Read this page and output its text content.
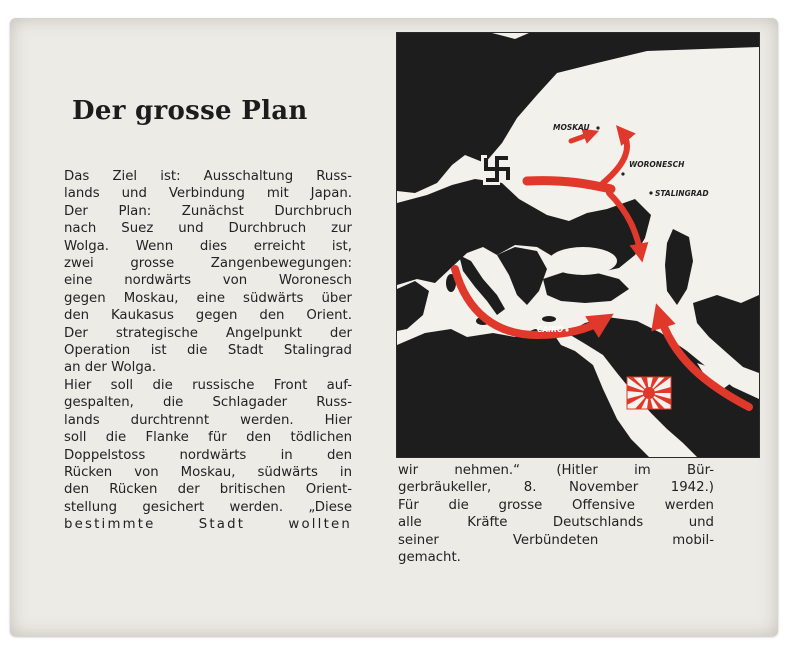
Der grosse Plan
Das Ziel ist: Ausschaltung Russ-
lands und Verbindung mit Japan.
Der Plan: Zunächst Durchbruch
nach Suez und Durchbruch zur
Wolga. Wenn dies erreicht ist,
zwei grosse Zangenbewegungen:
eine nordwärts von Woronesch
gegen Moskau, eine südwärts über
den Kaukasus gegen den Orient.
Der strategische Angelpunkt der
Operation ist die Stadt Stalingrad
an der Wolga.
Hier soll die russische Front auf-
gespalten, die Schlagader Russ-
lands durchtrennt werden. Hier
soll die Flanke für den tödlichen
Doppelstoss nordwärts in den
Rücken von Moskau, südwärts in
den Rücken der britischen Orient-
stellung gesichert werden. „Diese
bestimmte Stadt wollten
MOSKAU
WORONESCH
STALINGRAD
CAIRO
wir nehmen.“ (Hitler im Bür-
gerbräukeller, 8. November 1942.)
Für die grosse Offensive werden
alle Kräfte Deutschlands und
seiner Verbündeten mobil-
gemacht.
